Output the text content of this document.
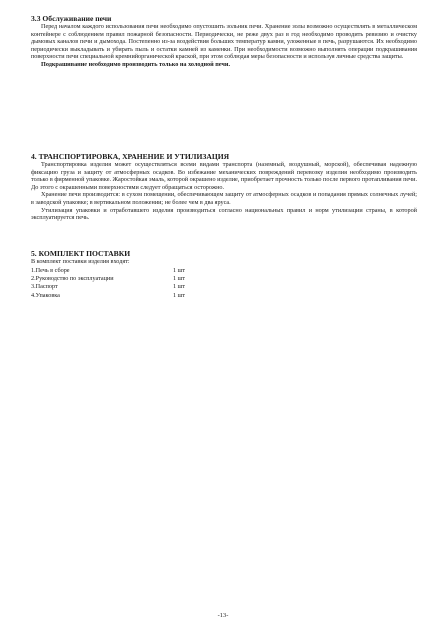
3.3 Обслуживание печи

Перед началом каждого использования печи необходимо опустошить зольник печи. Хранение золы возможно осуществлять в металлическом контейнере с соблюдением правил пожарной безопасности. Периодически, не реже двух раз в год необходимо проводить ревизию и очистку дымовых каналов печи и дымохода. Постепенно из-за воздействия больших температур камни, уложенные в печь, разрушаются. Их необходимо периодически выкладывать и убирать пыль и остатки камней из каменки. При необходимости возможно выполнять операции подкрашивания поверхности печи специальной кремнийорганической краской, при этом соблюдая меры безопасности и используя личные средства защиты.

Подкрашивание необходимо производить только на холодной печи.

4. ТРАНСПОРТИРОВКА, ХРАНЕНИЕ И УТИЛИЗАЦИЯ

Транспортировка изделия может осуществляться всеми видами транспорта (наземный, воздушный, морской), обеспечивая надежную фиксацию груза и защиту от атмосферных осадков. Во избежание механических повреждений перевозку изделия необходимо производить только в фирменной упаковке. Жаростойкая эмаль, которой окрашено изделие, приобретает прочность только после первого протапливания печи. До этого с окрашенными поверхностями следует обращаться осторожно.

Хранение печи производится: в сухом помещении, обеспечивающем защиту от атмосферных осадков и попадания прямых солнечных лучей; в заводской упаковке; в вертикальном положении; не более чем в два яруса.

Утилизация упаковки и отработавшего изделия производиться согласно национальных правил и норм утилизации страны, в которой эксплуатируется печь.

5. КОМПЛЕКТ ПОСТАВКИ

В комплект поставки изделия входят:

1.Печь в сборе	1 шт
2.Руководство по эксплуатации	1 шт
3.Паспорт	1 шт
4.Упаковка	1 шт
-13-
